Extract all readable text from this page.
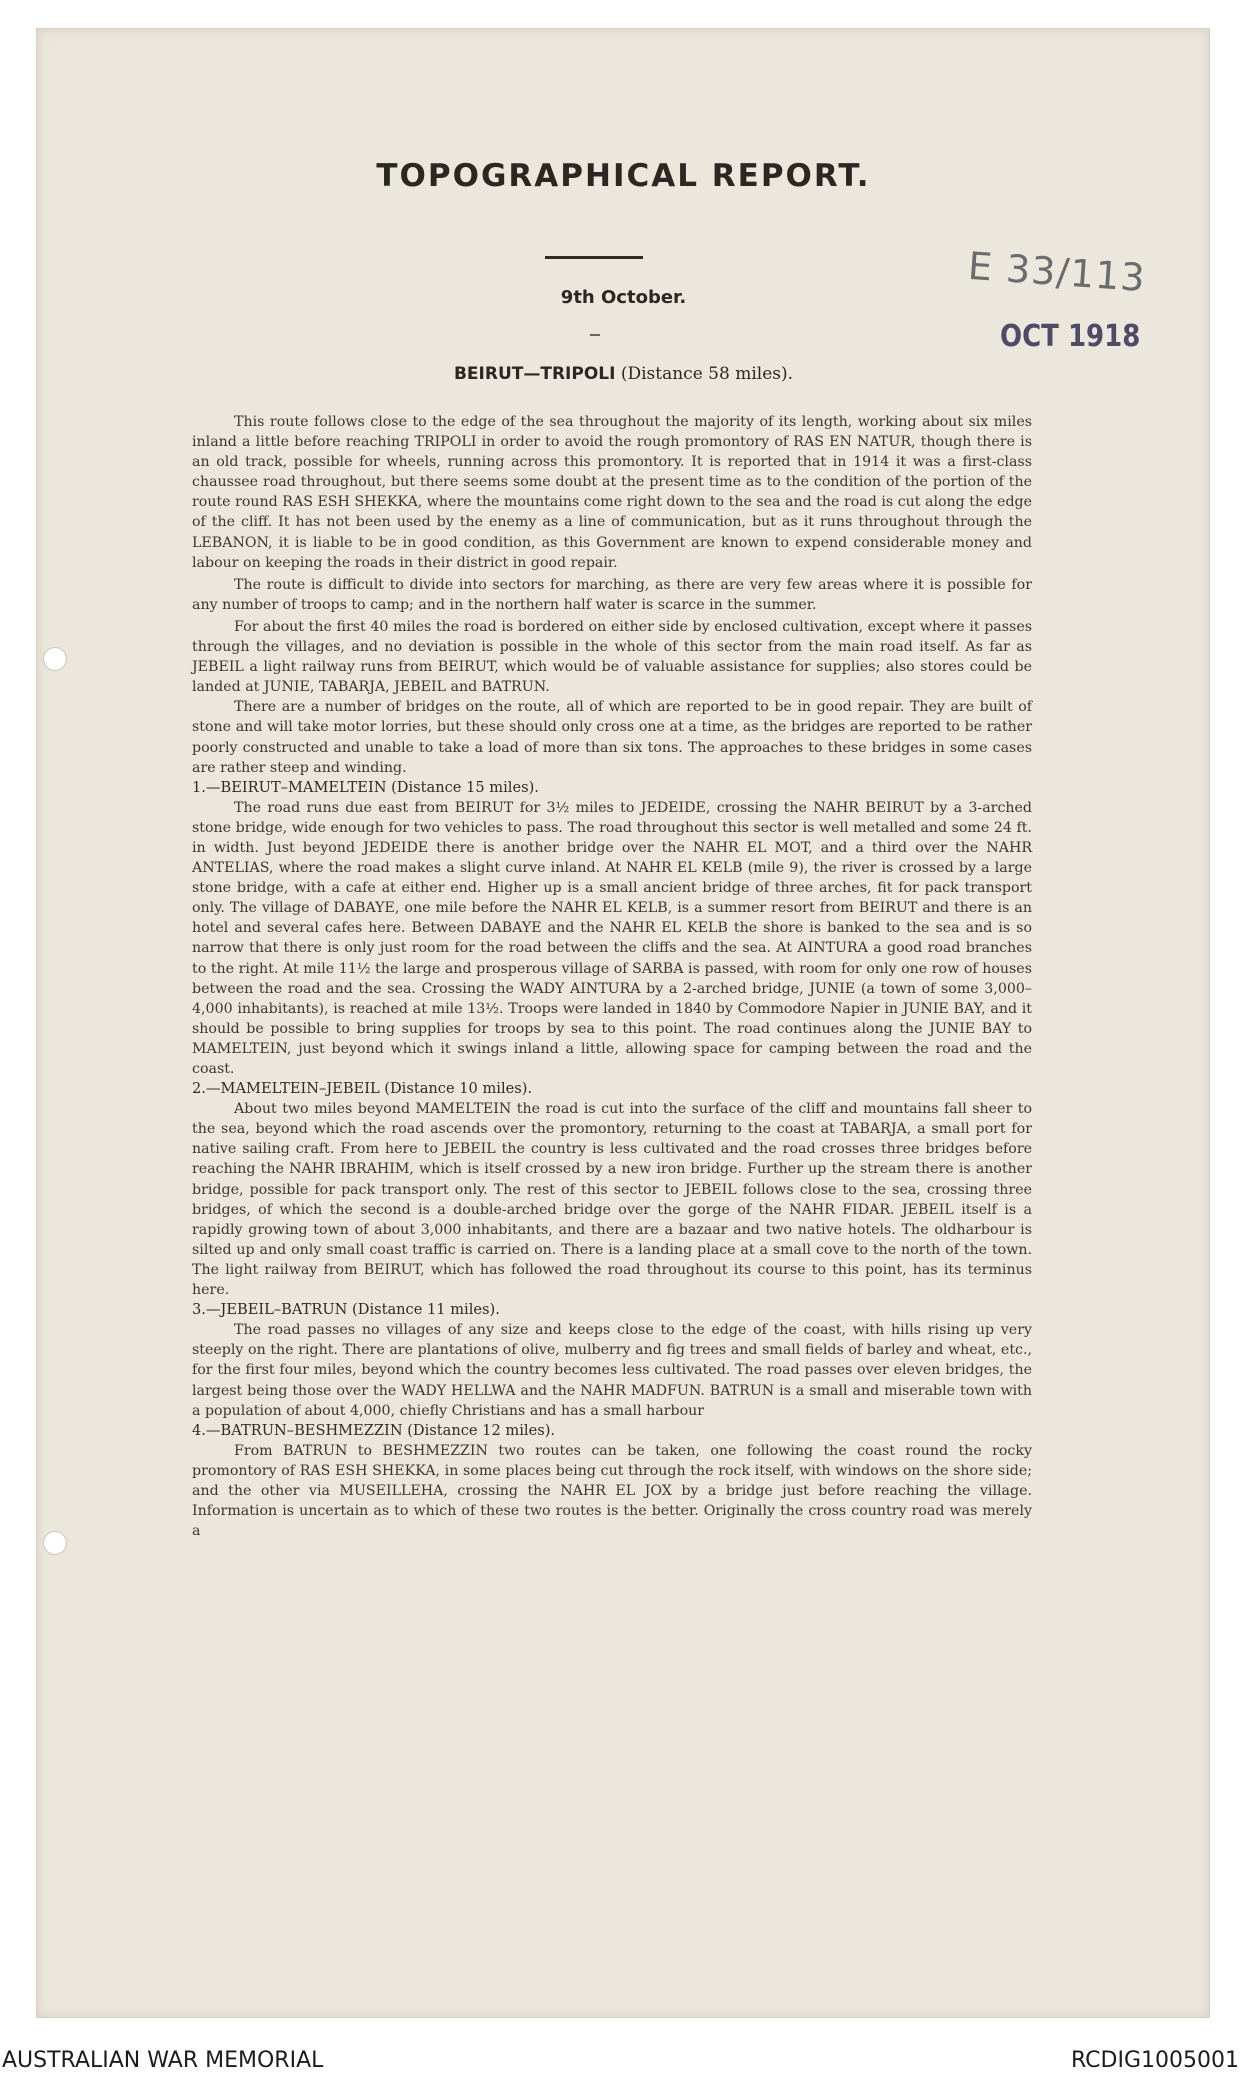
TOPOGRAPHICAL REPORT.
9th October.	E 33/113
OCT 1918
BEIRUT—TRIPOLI (Distance 58 miles).

This route follows close to the edge of the sea throughout the majority of its length, working about six miles inland a little before reaching TRIPOLI in order to avoid the rough promontory of RAS EN NATUR, though there is an old track, possible for wheels, running across this promontory. It is reported that in 1914 it was a first-class chaussee road throughout, but there seems some doubt at the present time as to the condition of the portion of the route round RAS ESH SHEKKA, where the mountains come right down to the sea and the road is cut along the edge of the cliff. It has not been used by the enemy as a line of communication, but as it runs throughout through the LEBANON, it is liable to be in good condition, as this Government are known to expend considerable money and labour on keeping the roads in their district in good repair.

The route is difficult to divide into sectors for marching, as there are very few areas where it is possible for any number of troops to camp; and in the northern half water is scarce in the summer.

For about the first 40 miles the road is bordered on either side by enclosed cultivation, except where it passes through the villages, and no deviation is possible in the whole of this sector from the main road itself. As far as JEBEIL a light railway runs from BEIRUT, which would be of valuable assistance for supplies; also stores could be landed at JUNIE, TABARJA, JEBEIL and BATRUN.

There are a number of bridges on the route, all of which are reported to be in good repair. They are built of stone and will take motor lorries, but these should only cross one at a time, as the bridges are reported to be rather poorly constructed and unable to take a load of more than six tons. The approaches to these bridges in some cases are rather steep and winding.

1.—BEIRUT–MAMELTEIN (Distance 15 miles).

The road runs due east from BEIRUT for 3½ miles to JEDEIDE, crossing the NAHR BEIRUT by a 3-arched stone bridge, wide enough for two vehicles to pass. The road throughout this sector is well metalled and some 24 ft. in width. Just beyond JEDEIDE there is another bridge over the NAHR EL MOT, and a third over the NAHR ANTELIAS, where the road makes a slight curve inland. At NAHR EL KELB (mile 9), the river is crossed by a large stone bridge, with a cafe at either end. Higher up is a small ancient bridge of three arches, fit for pack transport only. The village of DABAYE, one mile before the NAHR EL KELB, is a summer resort from BEIRUT and there is an hotel and several cafes here. Between DABAYE and the NAHR EL KELB the shore is banked to the sea and is so narrow that there is only just room for the road between the cliffs and the sea. At AINTURA a good road branches to the right. At mile 11½ the large and prosperous village of SARBA is passed, with room for only one row of houses between the road and the sea. Crossing the WADY AINTURA by a 2-arched bridge, JUNIE (a town of some 3,000–4,000 inhabitants), is reached at mile 13½. Troops were landed in 1840 by Commodore Napier in JUNIE BAY, and it should be possible to bring supplies for troops by sea to this point. The road continues along the JUNIE BAY to MAMELTEIN, just beyond which it swings inland a little, allowing space for camping between the road and the coast.

2.—MAMELTEIN–JEBEIL (Distance 10 miles).

About two miles beyond MAMELTEIN the road is cut into the surface of the cliff and mountains fall sheer to the sea, beyond which the road ascends over the promontory, returning to the coast at TABARJA, a small port for native sailing craft. From here to JEBEIL the country is less cultivated and the road crosses three bridges before reaching the NAHR IBRAHIM, which is itself crossed by a new iron bridge. Further up the stream there is another bridge, possible for pack transport only. The rest of this sector to JEBEIL follows close to the sea, crossing three bridges, of which the second is a double-arched bridge over the gorge of the NAHR FIDAR. JEBEIL itself is a rapidly growing town of about 3,000 inhabitants, and there are a bazaar and two native hotels. The oldharbour is silted up and only small coast traffic is carried on. There is a landing place at a small cove to the north of the town. The light railway from BEIRUT, which has followed the road throughout its course to this point, has its terminus here.

3.—JEBEIL–BATRUN (Distance 11 miles).

The road passes no villages of any size and keeps close to the edge of the coast, with hills rising up very steeply on the right. There are plantations of olive, mulberry and fig trees and small fields of barley and wheat, etc., for the first four miles, beyond which the country becomes less cultivated. The road passes over eleven bridges, the largest being those over the WADY HELLWA and the NAHR MADFUN. BATRUN is a small and miserable town with a population of about 4,000, chiefly Christians and has a small harbour

4.—BATRUN–BESHMEZZIN (Distance 12 miles).

From BATRUN to BESHMEZZIN two routes can be taken, one following the coast round the rocky promontory of RAS ESH SHEKKA, in some places being cut through the rock itself, with windows on the shore side; and the other via MUSEILLEHA, crossing the NAHR EL JOX by a bridge just before reaching the village. Information is uncertain as to which of these two routes is the better. Originally the cross country road was merely a

AUSTRALIAN WAR MEMORIAL	RCDIG1005001
